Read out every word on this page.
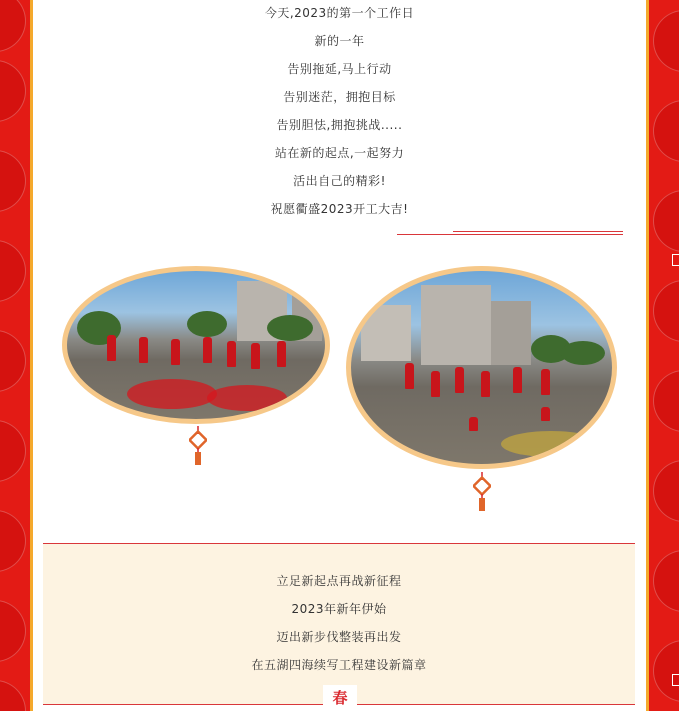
今天,2023的第一个工作日
新的一年
告别拖延,马上行动
告别迷茫，拥抱目标
告别胆怯,拥抱挑战.....
站在新的起点,一起努力
活出自己的精彩!
祝愿衢盛2023开工大吉!
立足新起点再战新征程
2023年新年伊始
迈出新步伐整装再出发
在五湖四海续写工程建设新篇章
春
